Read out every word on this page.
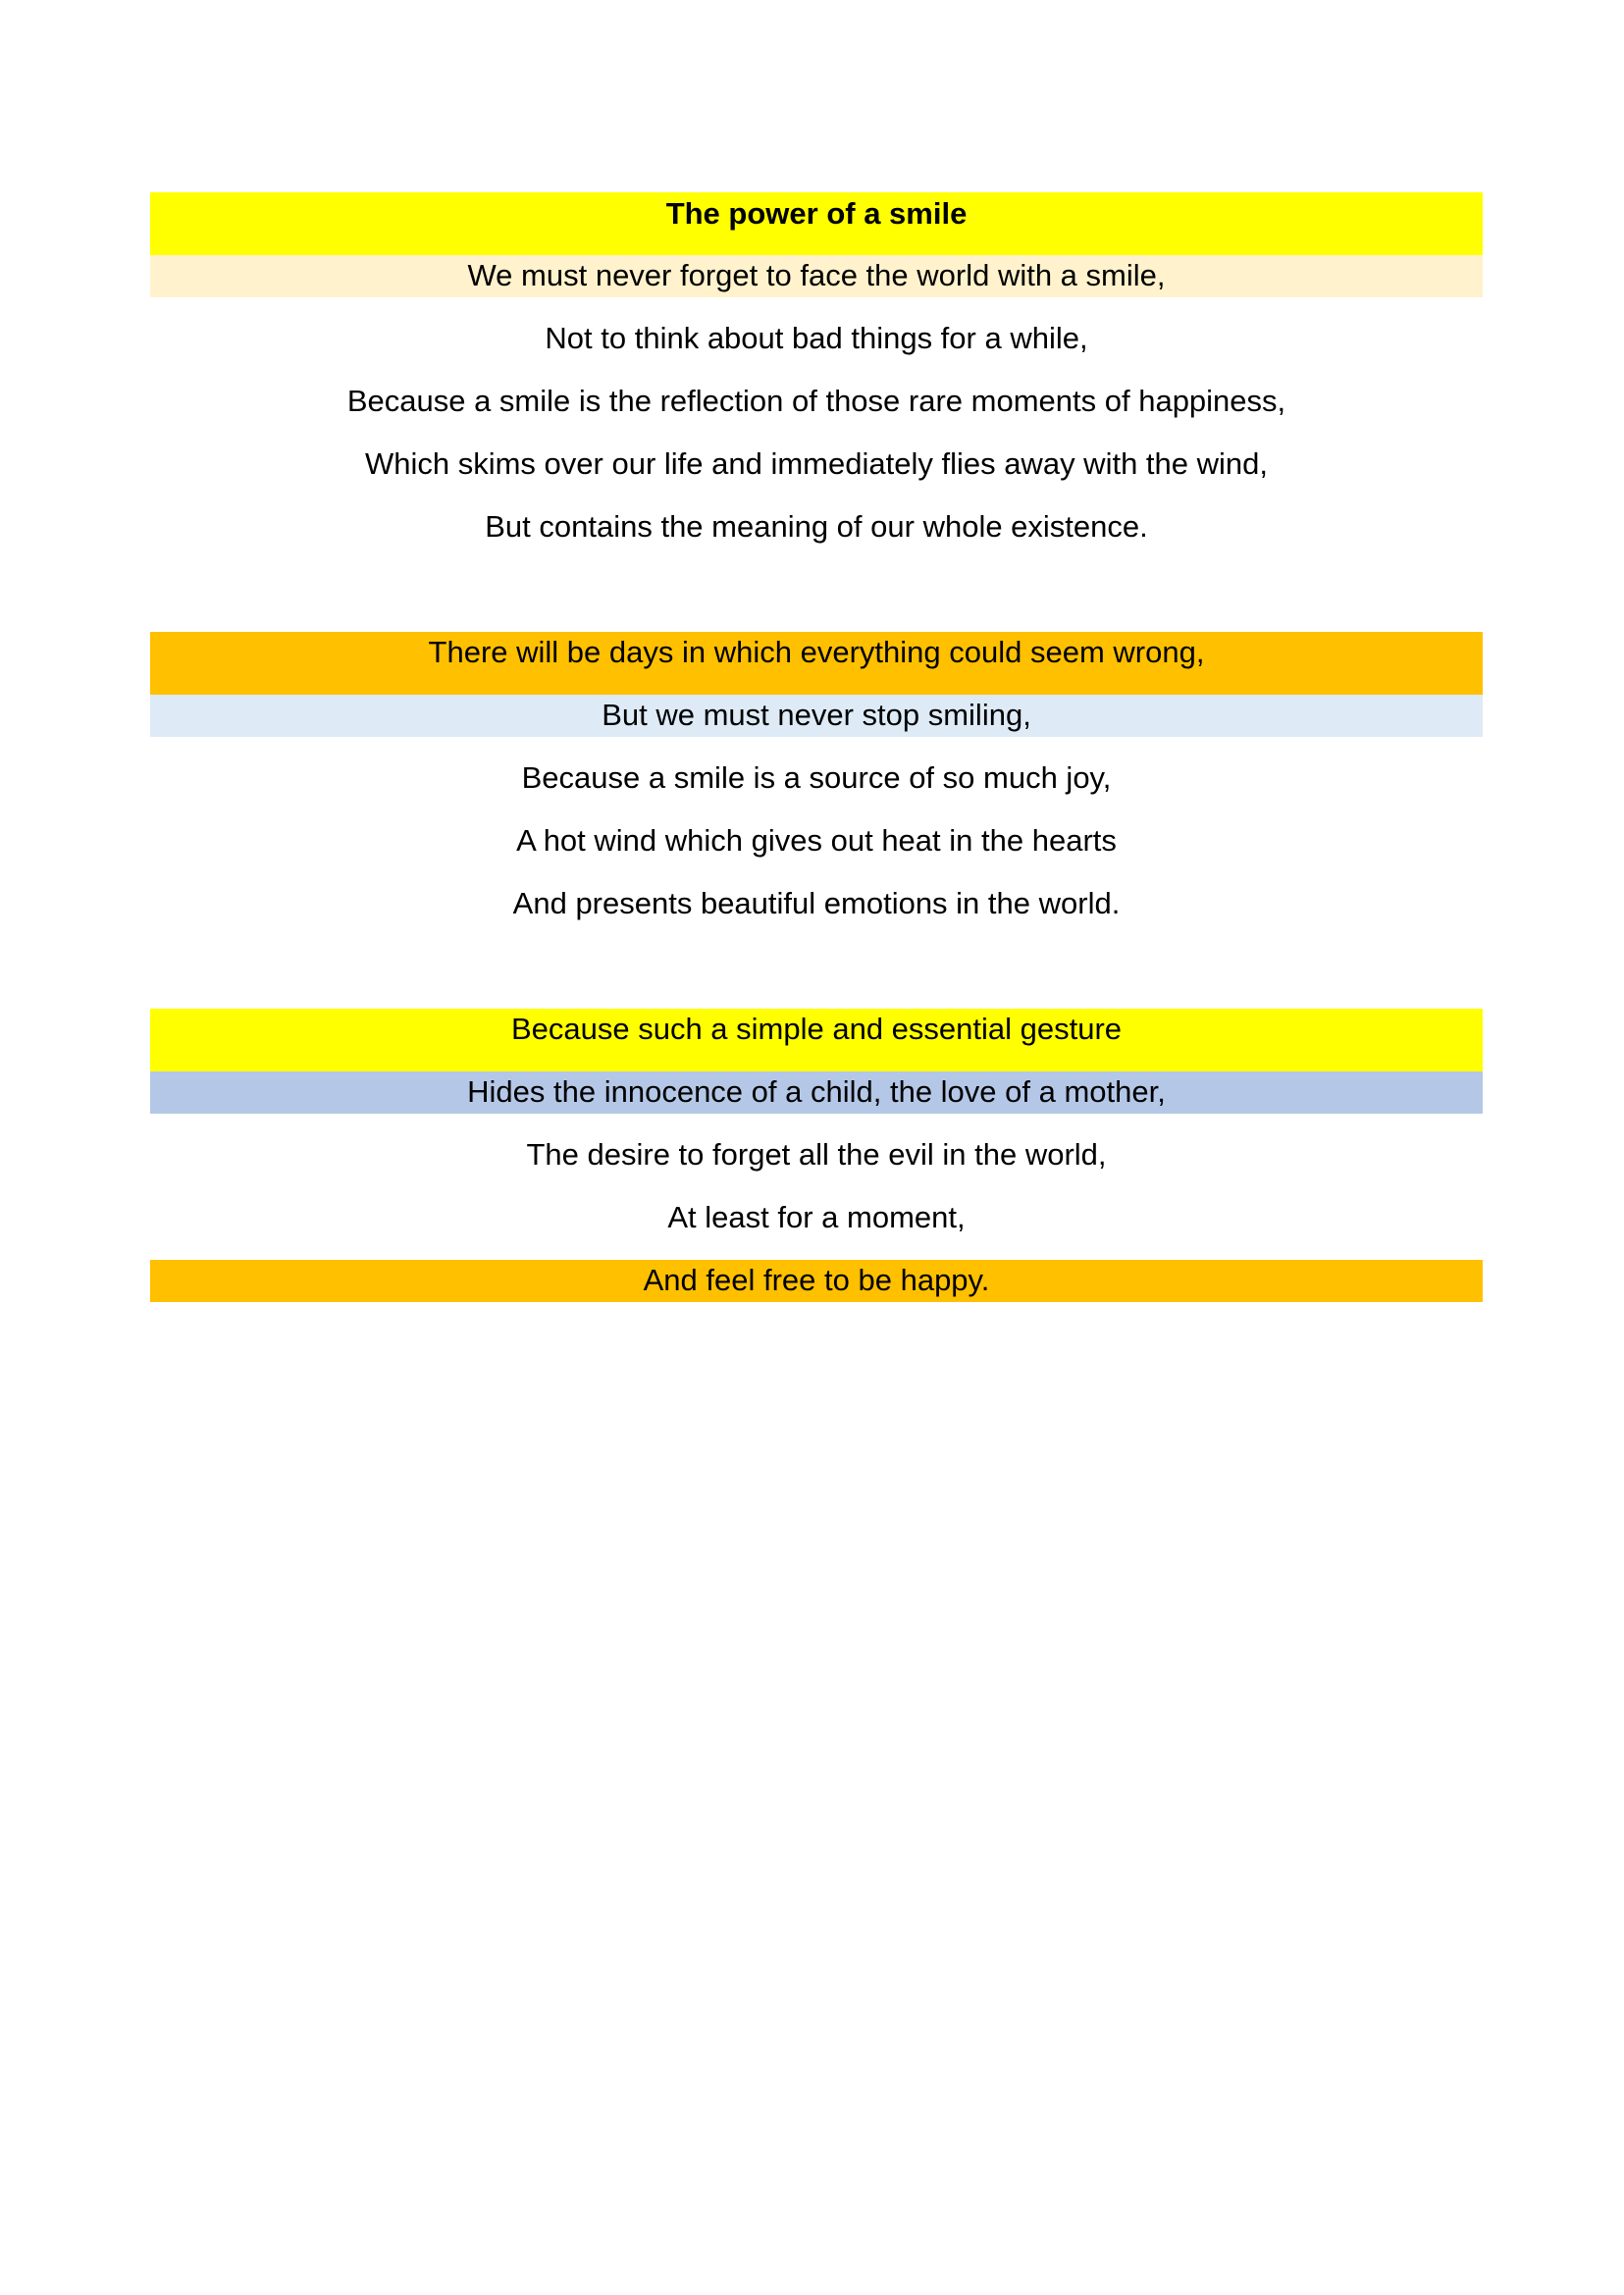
The power of a smile
We must never forget to face the world with a smile,
Not to think about bad things for a while,
Because a smile is the reflection of those rare moments of happiness,
Which skims over our life and immediately flies away with the wind,
But contains the meaning of our whole existence.
There will be days in which everything could seem wrong,
But we must never stop smiling,
Because a smile is a source of so much joy,
A hot wind which gives out heat in the hearts
And presents beautiful emotions in the world.
Because such a simple and essential gesture
Hides the innocence of a child, the love of a mother,
The desire to forget all the evil in the world,
At least for a moment,
And feel free to be happy.
